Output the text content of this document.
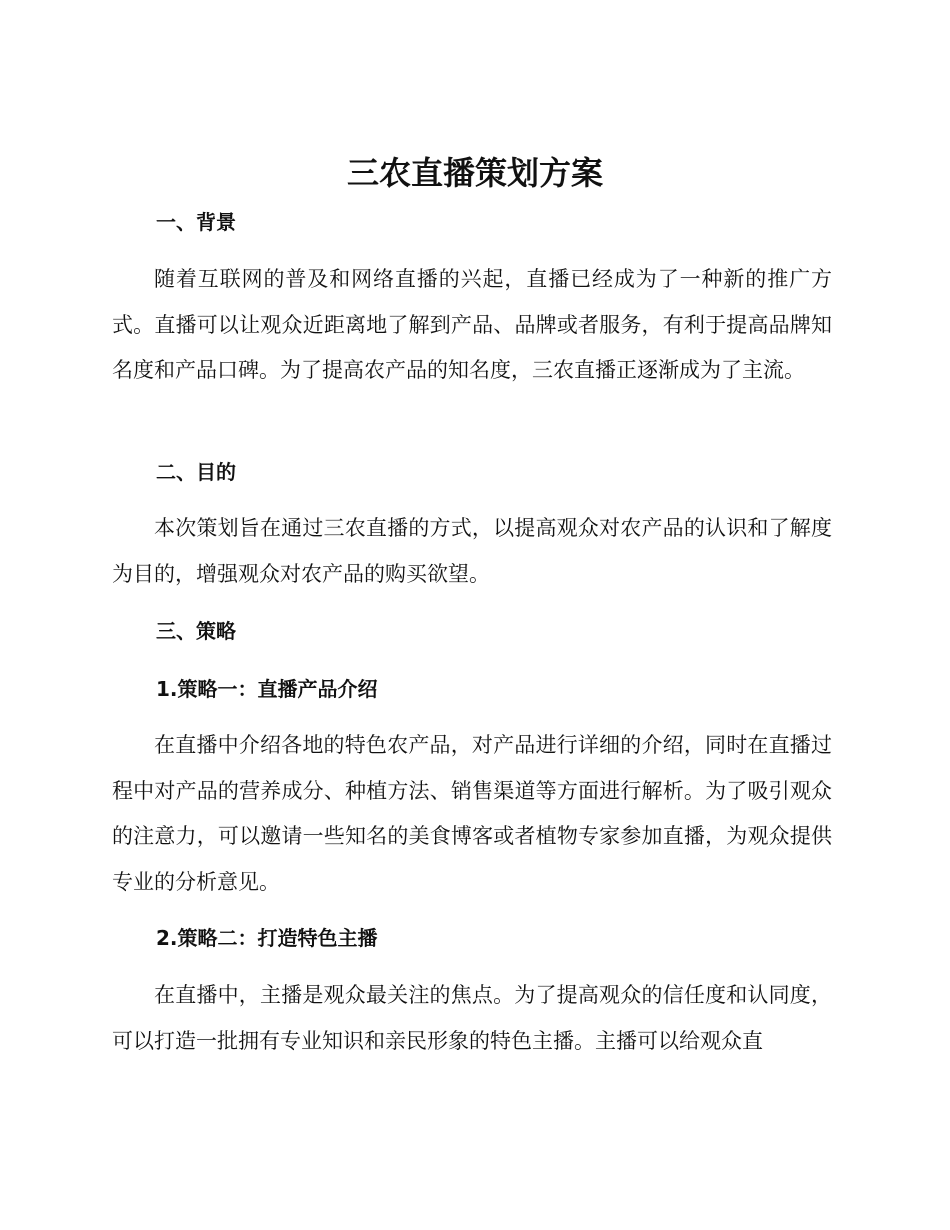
三农直播策划方案
一、背景

随着互联网的普及和网络直播的兴起，直播已经成为了一种新的推广方式。直播可以让观众近距离地了解到产品、品牌或者服务，有利于提高品牌知名度和产品口碑。为了提高农产品的知名度，三农直播正逐渐成为了主流。

二、目的

本次策划旨在通过三农直播的方式，以提高观众对农产品的认识和了解度为目的，增强观众对农产品的购买欲望。

三、策略
1.策略一：直播产品介绍

在直播中介绍各地的特色农产品，对产品进行详细的介绍，同时在直播过程中对产品的营养成分、种植方法、销售渠道等方面进行解析。为了吸引观众的注意力，可以邀请一些知名的美食博客或者植物专家参加直播，为观众提供专业的分析意见。

2.策略二：打造特色主播

在直播中，主播是观众最关注的焦点。为了提高观众的信任度和认同度，可以打造一批拥有专业知识和亲民形象的特色主播。主播可以给观众直
